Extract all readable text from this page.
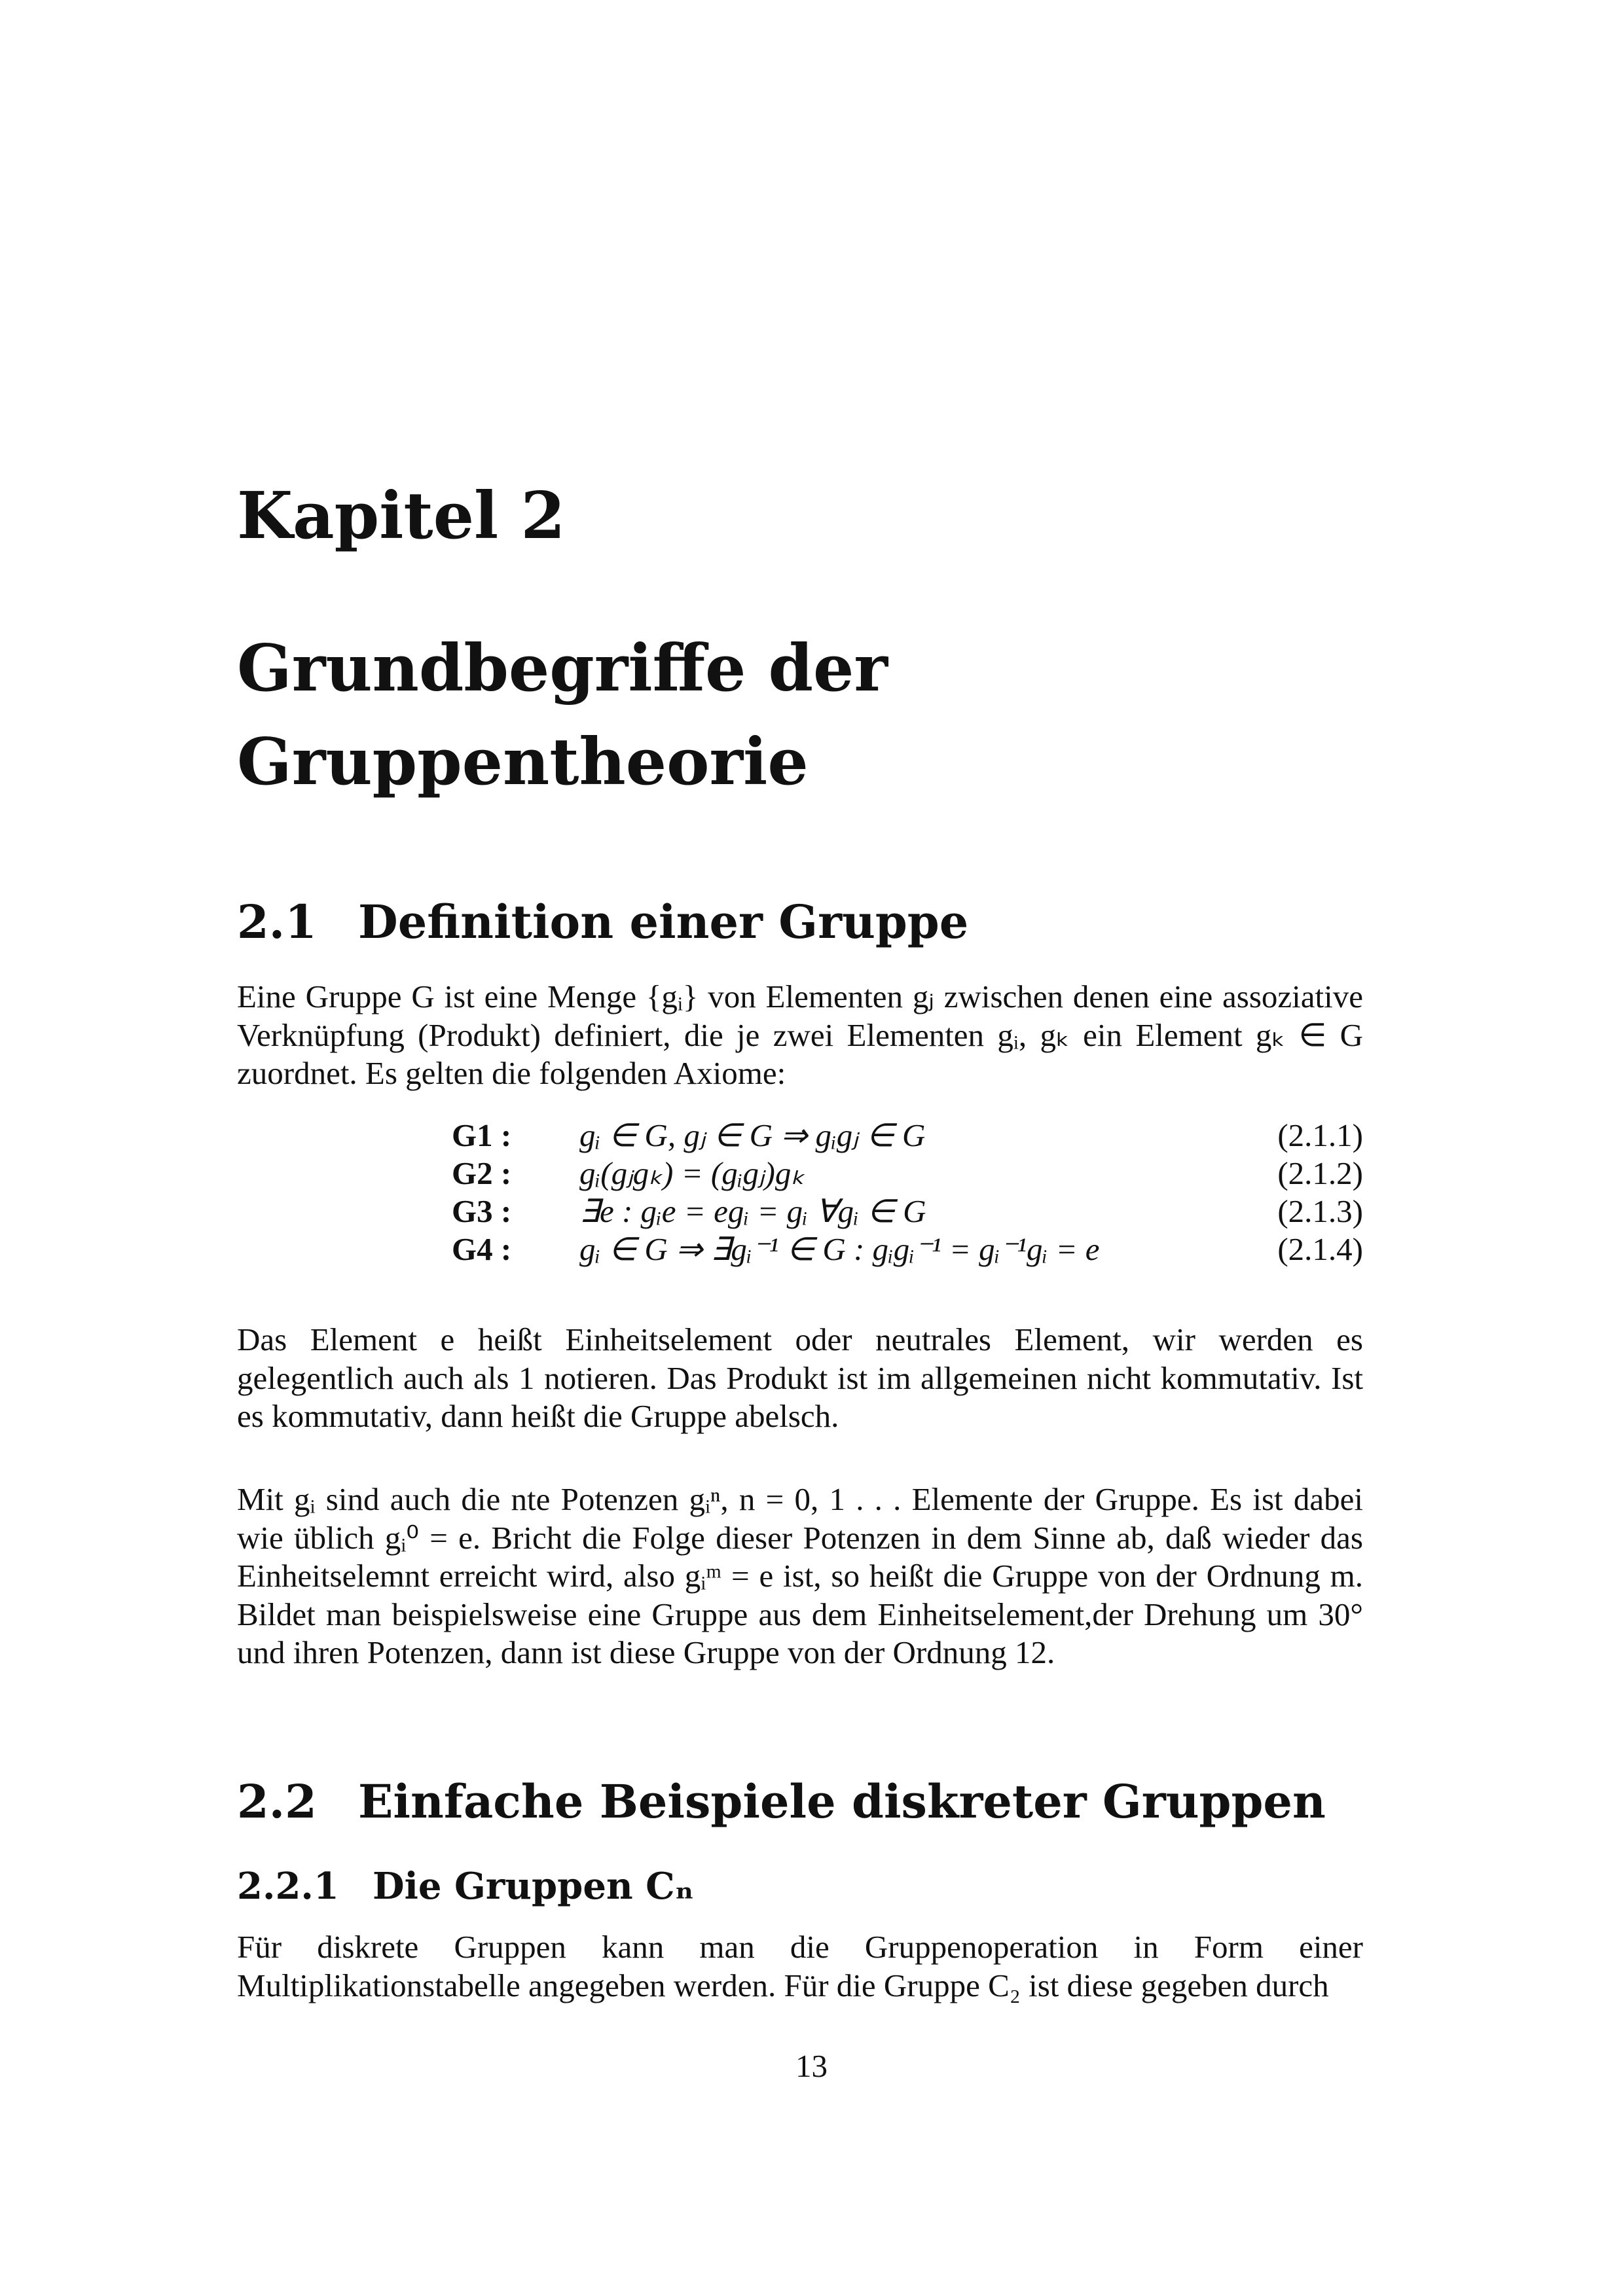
Kapitel 2
Grundbegriffe der
Gruppentheorie
2.1 Definition einer Gruppe

Eine Gruppe G ist eine Menge {gᵢ} von Elementen gⱼ zwischen denen eine assoziative Verknüpfung (Produkt) definiert, die je zwei Elementen gᵢ, gₖ ein Element gₖ ∈ G zuordnet. Es gelten die folgenden Axiome:

G1 : gᵢ ∈ G, gⱼ ∈ G ⇒ gᵢgⱼ ∈ G	(2.1.1)
G2 : gᵢ(gⱼgₖ) = (gᵢgⱼ)gₖ	(2.1.2)
G3 : ∃e : gᵢe = egᵢ = gᵢ ∀gᵢ ∈ G	(2.1.3)
G4 : gᵢ ∈ G ⇒ ∃gᵢ⁻¹ ∈ G : gᵢgᵢ⁻¹ = gᵢ⁻¹gᵢ = e	(2.1.4)

Das Element e heißt Einheitselement oder neutrales Element, wir werden es gelegentlich auch als 1 notieren. Das Produkt ist im allgemeinen nicht kommutativ. Ist es kommutativ, dann heißt die Gruppe abelsch.

Mit gᵢ sind auch die nte Potenzen gᵢⁿ, n = 0, 1 . . . Elemente der Gruppe. Es ist dabei wie üblich gᵢ⁰ = e. Bricht die Folge dieser Potenzen in dem Sinne ab, daß wieder das Einheitselemnt erreicht wird, also gᵢᵐ = e ist, so heißt die Gruppe von der Ordnung m. Bildet man beispielsweise eine Gruppe aus dem Einheitselement,der Drehung um 30° und ihren Potenzen, dann ist diese Gruppe von der Ordnung 12.

2.2 Einfache Beispiele diskreter Gruppen
2.2.1 Die Gruppen Cₙ

Für diskrete Gruppen kann man die Gruppenoperation in Form einer Multiplikationstabelle angegeben werden. Für die Gruppe C₂ ist diese gegeben durch

13
